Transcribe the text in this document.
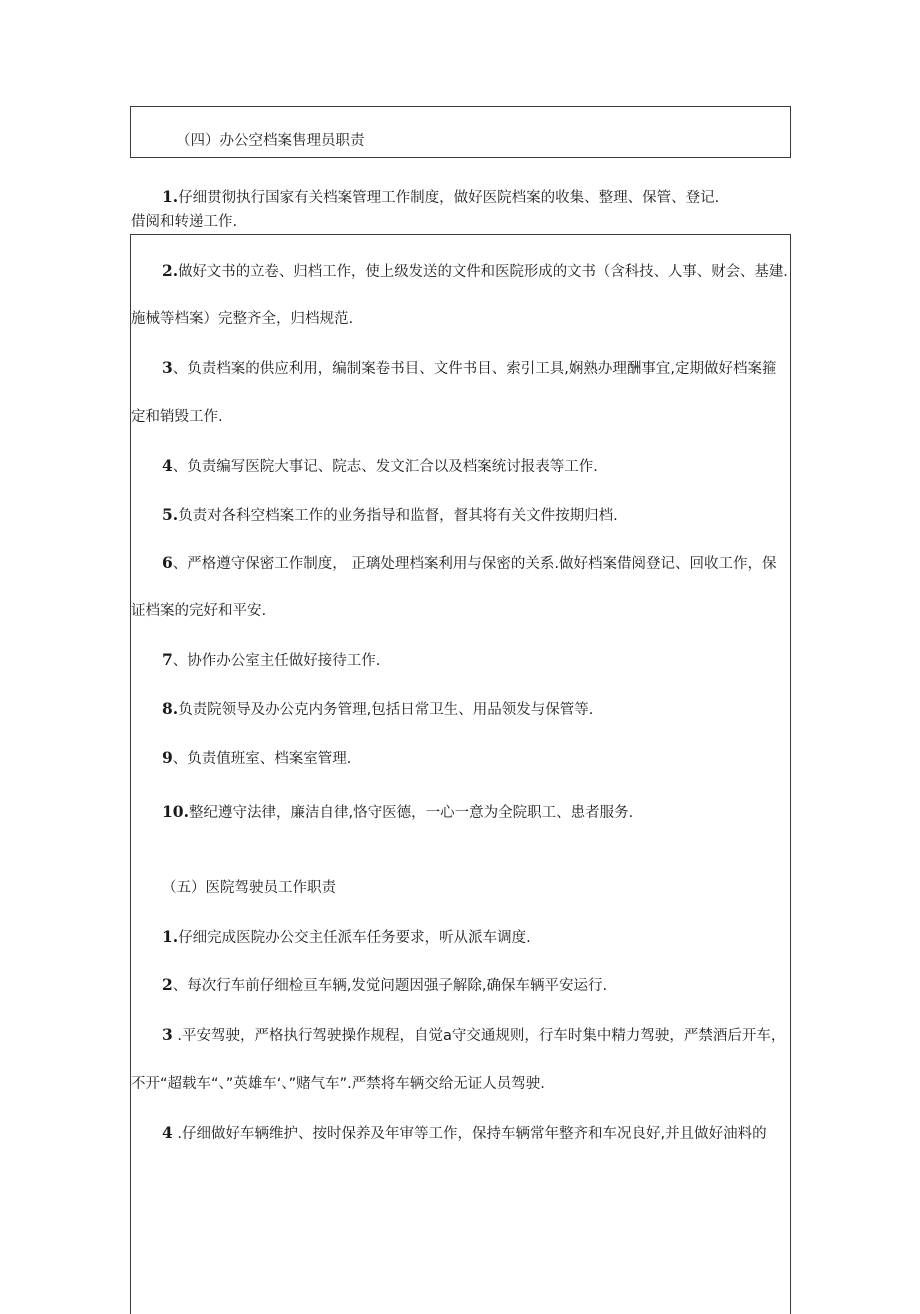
（四）办公空档案售理员职责
1.仔细贯彻执行国家有关档案管理工作制度，做好医院档案的收集、整理、保管、登记.
借阅和转递工作.
2.做好文书的立卷、归档工作，使上级发送的文件和医院形成的文书（含科技、人事、财会、基建.
施械等档案）完整齐全，归档规范.
3、负责档案的供应利用，编制案卷书目、文件书目、索引工具,娴熟办理酬事宜,定期做好档案箍
定和销毁工作.
4、负责编写医院大事记、院志、发文汇合以及档案统讨报表等工作.
5.负责对各科空档案工作的业务指导和监督，督其将有关文件按期归档.
6、严格遵守保密工作制度， 正璃处理档案利用与保密的关系.做好档案借阅登记、回收工作，保
证档案的完好和平安.
7、协作办公室主任做好接待工作.
8.负责院领导及办公克内务管理,包括日常卫生、用品领发与保管等.
9、负责值班室、档案室管理.
10.整纪遵守法律，廉洁自律,恪守医德，一心一意为全院职工、患者服务.
（五）医院驾驶员工作职责
1.仔细完成医院办公交主任派车任务要求，听从派车调度.
2、每次行车前仔细检亘车辆,发觉问题因强子解除,确保车辆平安运行.
3 .平安驾驶，严格执行驾驶操作规程，自觉a守交通规则，行车时集中精力驾驶，严禁酒后开车，
不开“超载车“、”英雄车‘、”赌气车”.严禁将车辆交给无证人员驾驶.
4 .仔细做好车辆维护、按时保养及年审等工作，保持车辆常年整齐和车况良好,并且做好油料的
